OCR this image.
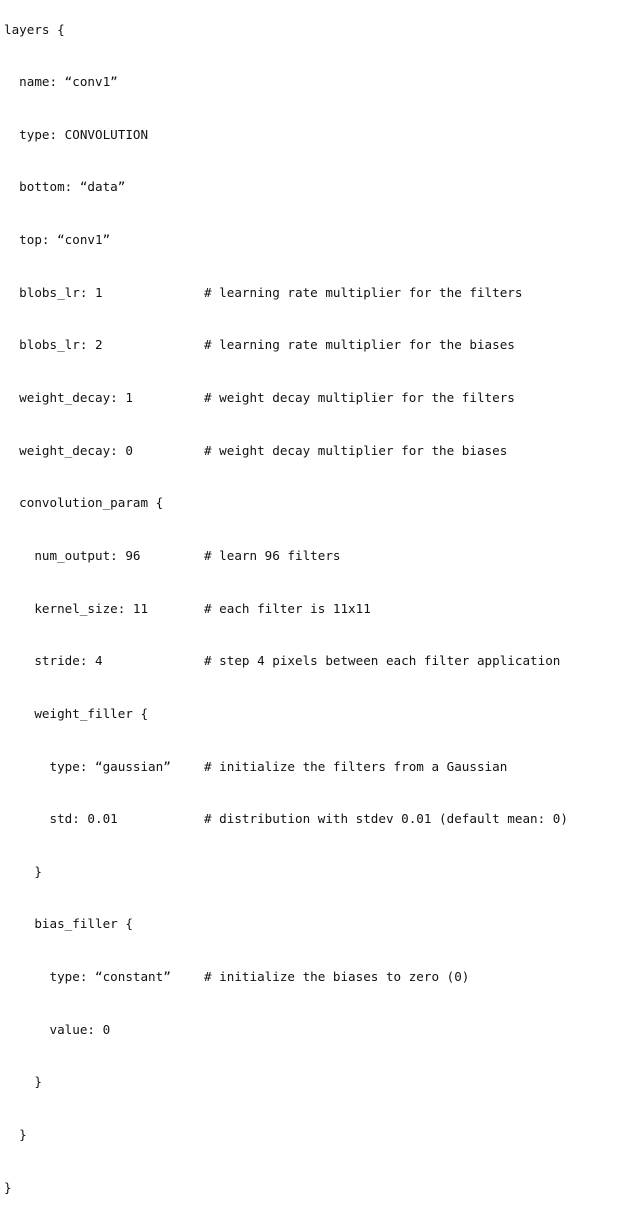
layers {

name: “conv1”

type: CONVOLUTION

bottom: “data”

top: “conv1”

blobs_lr: 1	# learning rate multiplier for the filters

blobs_lr: 2	# learning rate multiplier for the biases

weight_decay: 1	# weight decay multiplier for the filters

weight_decay: 0	# weight decay multiplier for the biases

convolution_param {

num_output: 96	# learn 96 filters

kernel_size: 11	# each filter is 11x11

stride: 4	# step 4 pixels between each filter application

weight_filler {

type: “gaussian”	# initialize the filters from a Gaussian

std: 0.01	# distribution with stdev 0.01 (default mean: 0)

}

bias_filler {

type: “constant”	# initialize the biases to zero (0)

value: 0

}

}

}
